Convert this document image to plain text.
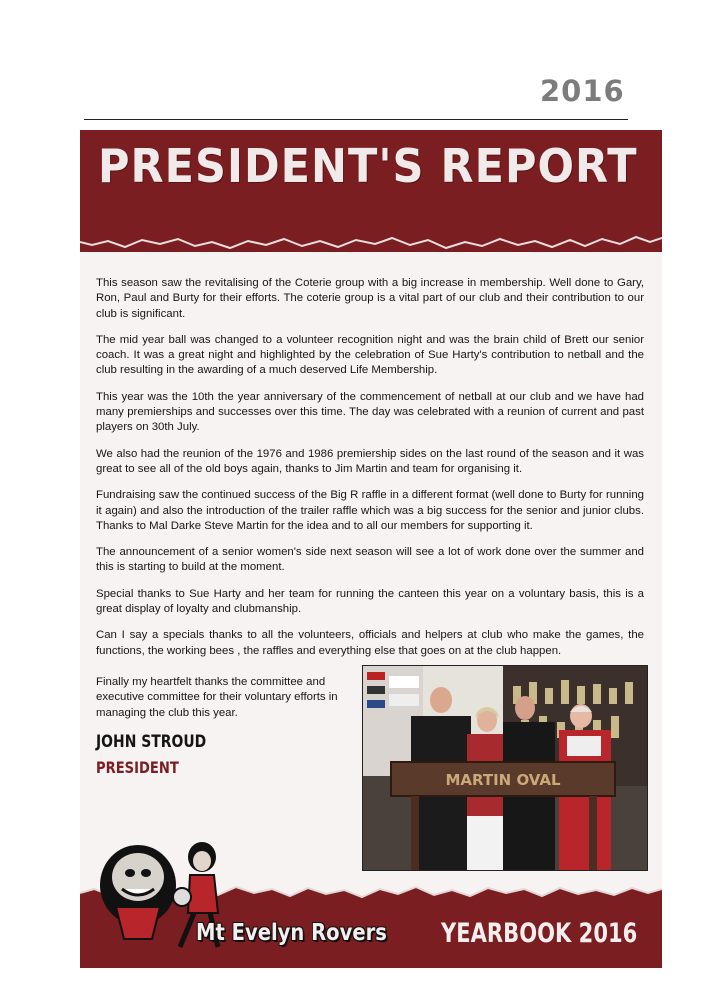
2016
PRESIDENT'S REPORT

This season saw the revitalising of the Coterie group with a big increase in membership. Well done to Gary, Ron, Paul and Burty for their efforts. The coterie group is a vital part of our club and their contribution to our club is significant.

The mid year ball was changed to a volunteer recognition night and was the brain child of Brett our senior coach. It was a great night and highlighted by the celebration of Sue Harty's contribution to netball and the club resulting in the awarding of a much deserved Life Membership.

This year was the 10th the year anniversary of the commencement of netball at our club and we have had many premierships and successes over this time. The day was celebrated with a reunion of current and past players on 30th July.

We also had the reunion of the 1976 and 1986 premiership sides on the last round of the season and it was great to see all of the old boys again, thanks to Jim Martin and team for organising it.

Fundraising saw the continued success of the Big R raffle in a different format (well done to Burty for running it again) and also the introduction of the trailer raffle which was a big success for the senior and junior clubs. Thanks to Mal Darke Steve Martin for the idea and to all our members for supporting it.

The announcement of a senior women's side next season will see a lot of work done over the summer and this is starting to build at the moment.

Special thanks to Sue Harty and her team for running the canteen this year on a voluntary basis, this is a great display of loyalty and clubmanship.

Can I say a specials thanks to all the volunteers, officials and helpers at club who make the games, the functions, the working bees , the raffles and everything else that goes on at the club happen.

Finally my heartfelt thanks the committee and executive committee for their voluntary efforts in managing the club this year.
JOHN STROUD
PRESIDENT
MARTIN OVAL
Mt Evelyn Rovers YEARBOOK 2016
